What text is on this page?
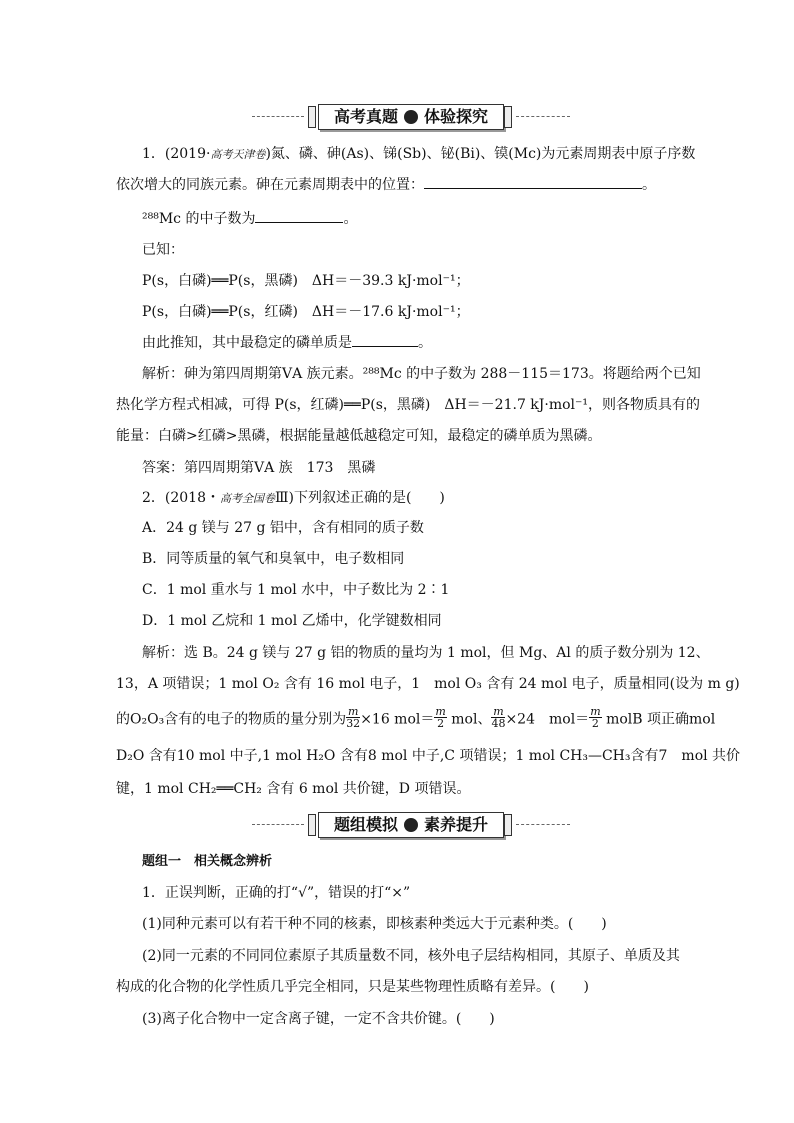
高考真题 体验探究
1．(2019·高考天津卷)氮、磷、砷(As)、锑(Sb)、铋(Bi)、镆(Mc)为元素周期表中原子序数
依次增大的同族元素。砷在元素周期表中的位置：	。
²⁸⁸Mc 的中子数为	。
已知：
P(s，白磷)══P(s，黑磷)　ΔH＝－39.3 kJ·mol⁻¹；
P(s，白磷)══P(s，红磷)　ΔH＝－17.6 kJ·mol⁻¹；
由此推知，其中最稳定的磷单质是	。
解析：砷为第四周期第ⅤA 族元素。²⁸⁸Mc 的中子数为 288－115＝173。将题给两个已知
热化学方程式相减，可得 P(s，红磷)══P(s，黑磷)　ΔH＝－21.7 kJ·mol⁻¹，则各物质具有的
能量：白磷>红磷>黑磷，根据能量越低越稳定可知，最稳定的磷单质为黑磷。
答案：第四周期第ⅤA 族　173　黑磷
2．(2018・高考全国卷Ⅲ)下列叙述正确的是(　　)
A．24 g 镁与 27 g 铝中，含有相同的质子数
B．同等质量的氧气和臭氧中，电子数相同
C．1 mol 重水与 1 mol 水中，中子数比为 2∶1
D．1 mol 乙烷和 1 mol 乙烯中，化学键数相同
解析：选 B。24 g 镁与 27 g 铝的物质的量均为 1 mol，但 Mg、Al 的质子数分别为 12、
13，A 项错误；1 mol O₂ 含有 16 mol 电子，1　mol O₃ 含有 24 mol 电子，质量相同(设为 m g)
的O₂O₃含有的电子的物质的量分别为 $\frac{m}{32} \times 16$ $mol= \frac{m}{2}$ mol、 $\frac{m}{48} \times 24$　$mol= \frac{m}{2}$ molB 项正确mol
D₂O 含有10 mol 中子,1 mol H₂O 含有8 mol 中子,C 项错误；1 mol CH₃—CH₃含有7　mol 共价
键，1 mol CH₂══CH₂ 含有 6 mol 共价键，D 项错误。
题组模拟 素养提升
题组一　相关概念辨析
1．正误判断，正确的打“√”，错误的打“×”
(1)同种元素可以有若干种不同的核素，即核素种类远大于元素种类。(　　)
(2)同一元素的不同同位素原子其质量数不同，核外电子层结构相同，其原子、单质及其
构成的化合物的化学性质几乎完全相同，只是某些物理性质略有差异。(　　)
(3)离子化合物中一定含离子键，一定不含共价键。(　　)
